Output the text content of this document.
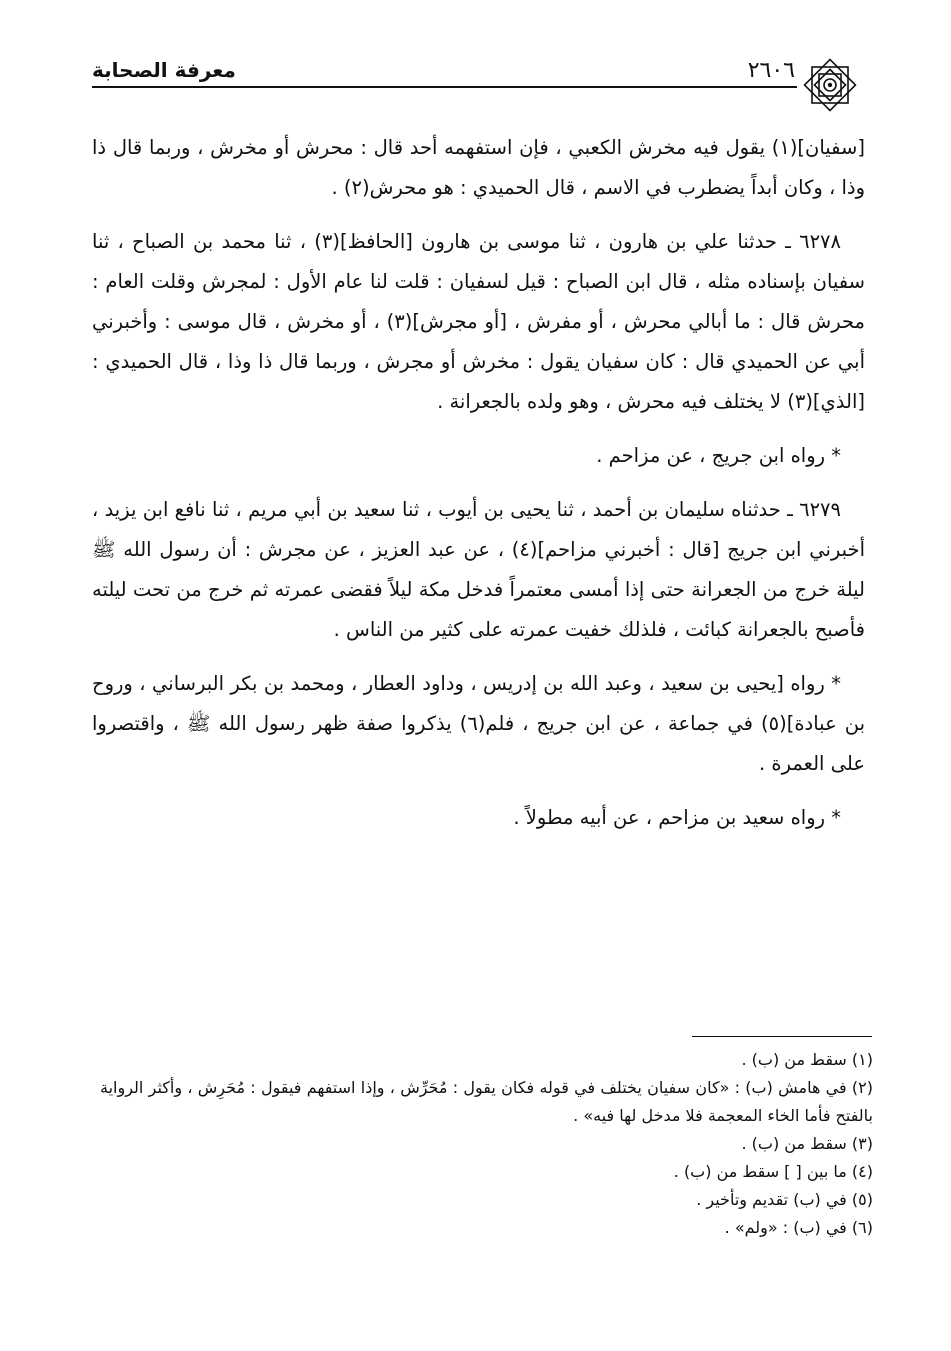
معرفة الصحابة	٢٦٠٦

[سفيان](١) يقول فيه مخرش الكعبي ، فإن استفهمه أحد قال : محرش أو مخرش ، وربما قال ذا وذا ، وكان أبداً يضطرب في الاسم ، قال الحميدي : هو محرش(٢) .

٦٢٧٨ ـ حدثنا علي بن هارون ، ثنا موسى بن هارون [الحافظ](٣) ، ثنا محمد بن الصباح ، ثنا سفيان بإسناده مثله ، قال ابن الصباح : قيل لسفيان : قلت لنا عام الأول : لمجرش وقلت العام : محرش قال : ما أبالي محرش ، أو مفرش ، [أو مجرش](٣) ، أو مخرش ، قال موسى : وأخبرني أبي عن الحميدي قال : كان سفيان يقول : مخرش أو مجرش ، وربما قال ذا وذا ، قال الحميدي : [الذي](٣) لا يختلف فيه محرش ، وهو ولده بالجعرانة .

* رواه ابن جريج ، عن مزاحم .

٦٢٧٩ ـ حدثناه سليمان بن أحمد ، ثنا يحيى بن أيوب ، ثنا سعيد بن أبي مريم ، ثنا نافع ابن يزيد ، أخبرني ابن جريج [قال : أخبرني مزاحم](٤) ، عن عبد العزيز ، عن مجرش : أن رسول الله ﷺ ليلة خرج من الجعرانة حتى إذا أمسى معتمراً فدخل مكة ليلاً فقضى عمرته ثم خرج من تحت ليلته فأصبح بالجعرانة كبائت ، فلذلك خفيت عمرته على كثير من الناس .

* رواه [يحيى بن سعيد ، وعبد الله بن إدريس ، وداود العطار ، ومحمد بن بكر البرساني ، وروح بن عبادة](٥) في جماعة ، عن ابن جريج ، فلم(٦) يذكروا صفة ظهر رسول الله ﷺ ، واقتصروا على العمرة .

* رواه سعيد بن مزاحم ، عن أبيه مطولاً .

(١) سقط من (ب) .
(٢) في هامش (ب) : «كان سفيان يختلف في قوله فكان يقول : مُحَرِّش ، وإذا استفهم فيقول : مُحَرِش ، وأكثر الرواية بالفتح فأما الخاء المعجمة فلا مدخل لها فيه» .
(٣) سقط من (ب) .
(٤) ما بين [ ] سقط من (ب) .
(٥) في (ب) تقديم وتأخير .
(٦) في (ب) : «ولم» .
